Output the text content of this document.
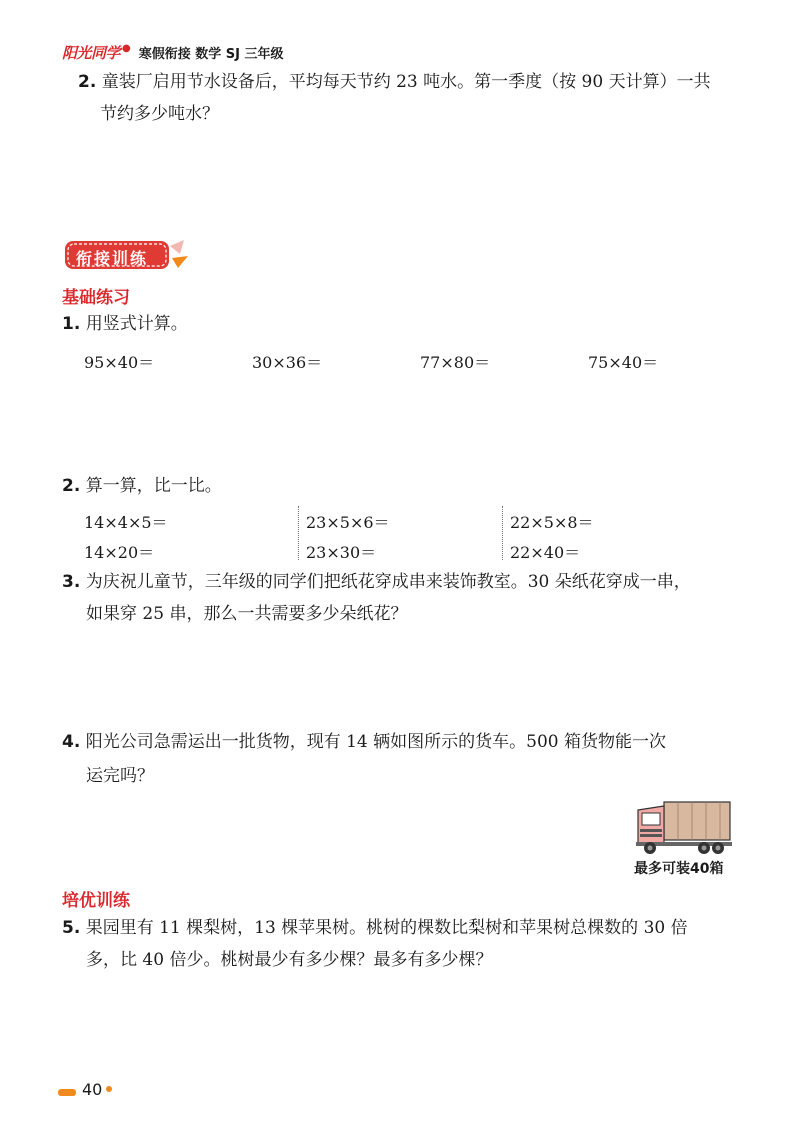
阳光同学 ● 寒假衔接 数学 SJ 三年级
2. 童装厂启用节水设备后，平均每天节约 23 吨水。第一季度（按 90 天计算）一共
节约多少吨水？
衔接训练
基础练习
1. 用竖式计算。
95×40＝	30×36＝	77×80＝	75×40＝
2. 算一算，比一比。
14×4×5＝	23×5×6＝	22×5×8＝
14×20＝	23×30＝	22×40＝
3. 为庆祝儿童节，三年级的同学们把纸花穿成串来装饰教室。30 朵纸花穿成一串，
如果穿 25 串，那么一共需要多少朵纸花？
4. 阳光公司急需运出一批货物，现有 14 辆如图所示的货车。500 箱货物能一次
运完吗？
最多可装40箱
培优训练
5. 果园里有 11 棵梨树，13 棵苹果树。桃树的棵数比梨树和苹果树总棵数的 30 倍
多，比 40 倍少。桃树最少有多少棵？最多有多少棵？
40
